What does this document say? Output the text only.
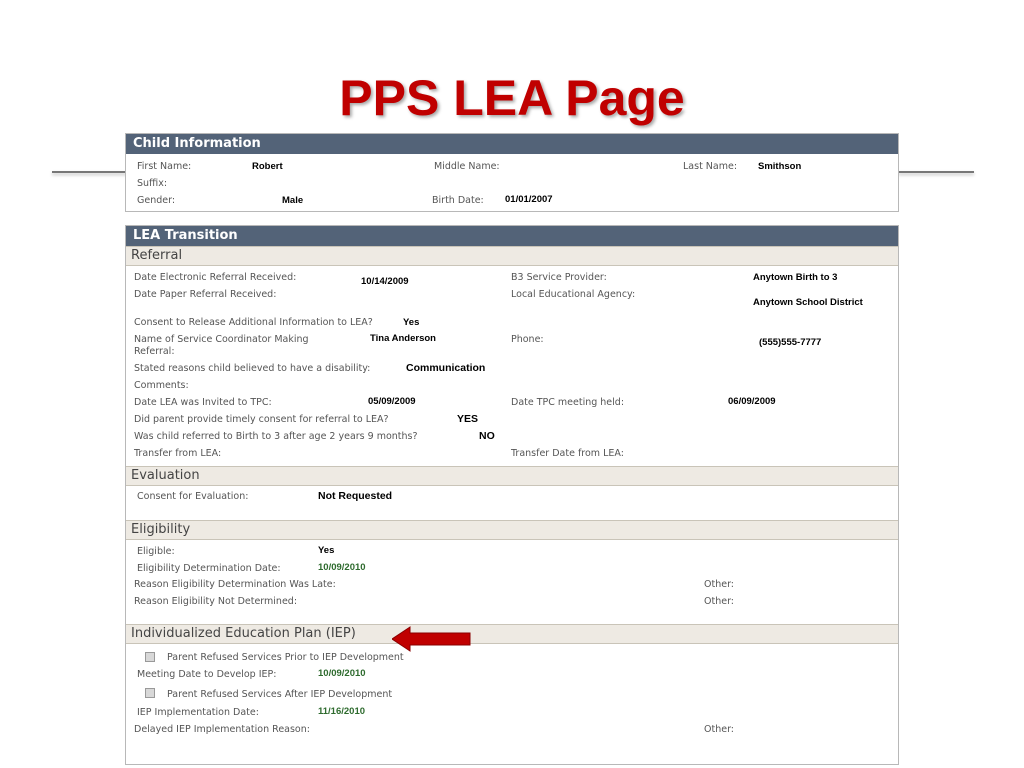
PPS LEA Page
Child Information
First Name:	Robert	Middle Name:	Last Name: Smithson
Suffix:
Gender:	Male	Birth Date: 01/01/2007
LEA Transition
Referral
Date Electronic Referral Received:	10/14/2009	B3 Service Provider:	Anytown Birth to 3
Date Paper Referral Received:	Local Educational Agency:
Anytown School District
Consent to Release Additional Information to LEA?	Yes
Name of Service Coordinator Making
Referral:
Tina Anderson	Phone:	(555)555-7777
Stated reasons child believed to have a disability:	Communication
Comments:
Date LEA was Invited to TPC:	05/09/2009	Date TPC meeting held:	06/09/2009
Did parent provide timely consent for referral to LEA?	YES
Was child referred to Birth to 3 after age 2 years 9 months?	NO
Transfer from LEA:	Transfer Date from LEA:
Evaluation
Consent for Evaluation:	Not Requested
Eligibility
Eligible:	Yes
Eligibility Determination Date:	10/09/2010
Reason Eligibility Determination Was Late:	Other:
Reason Eligibility Not Determined:	Other:
Individualized Education Plan (IEP)
Parent Refused Services Prior to IEP Development
Meeting Date to Develop IEP:	10/09/2010
Parent Refused Services After IEP Development
IEP Implementation Date:	11/16/2010
Delayed IEP Implementation Reason:	Other:
